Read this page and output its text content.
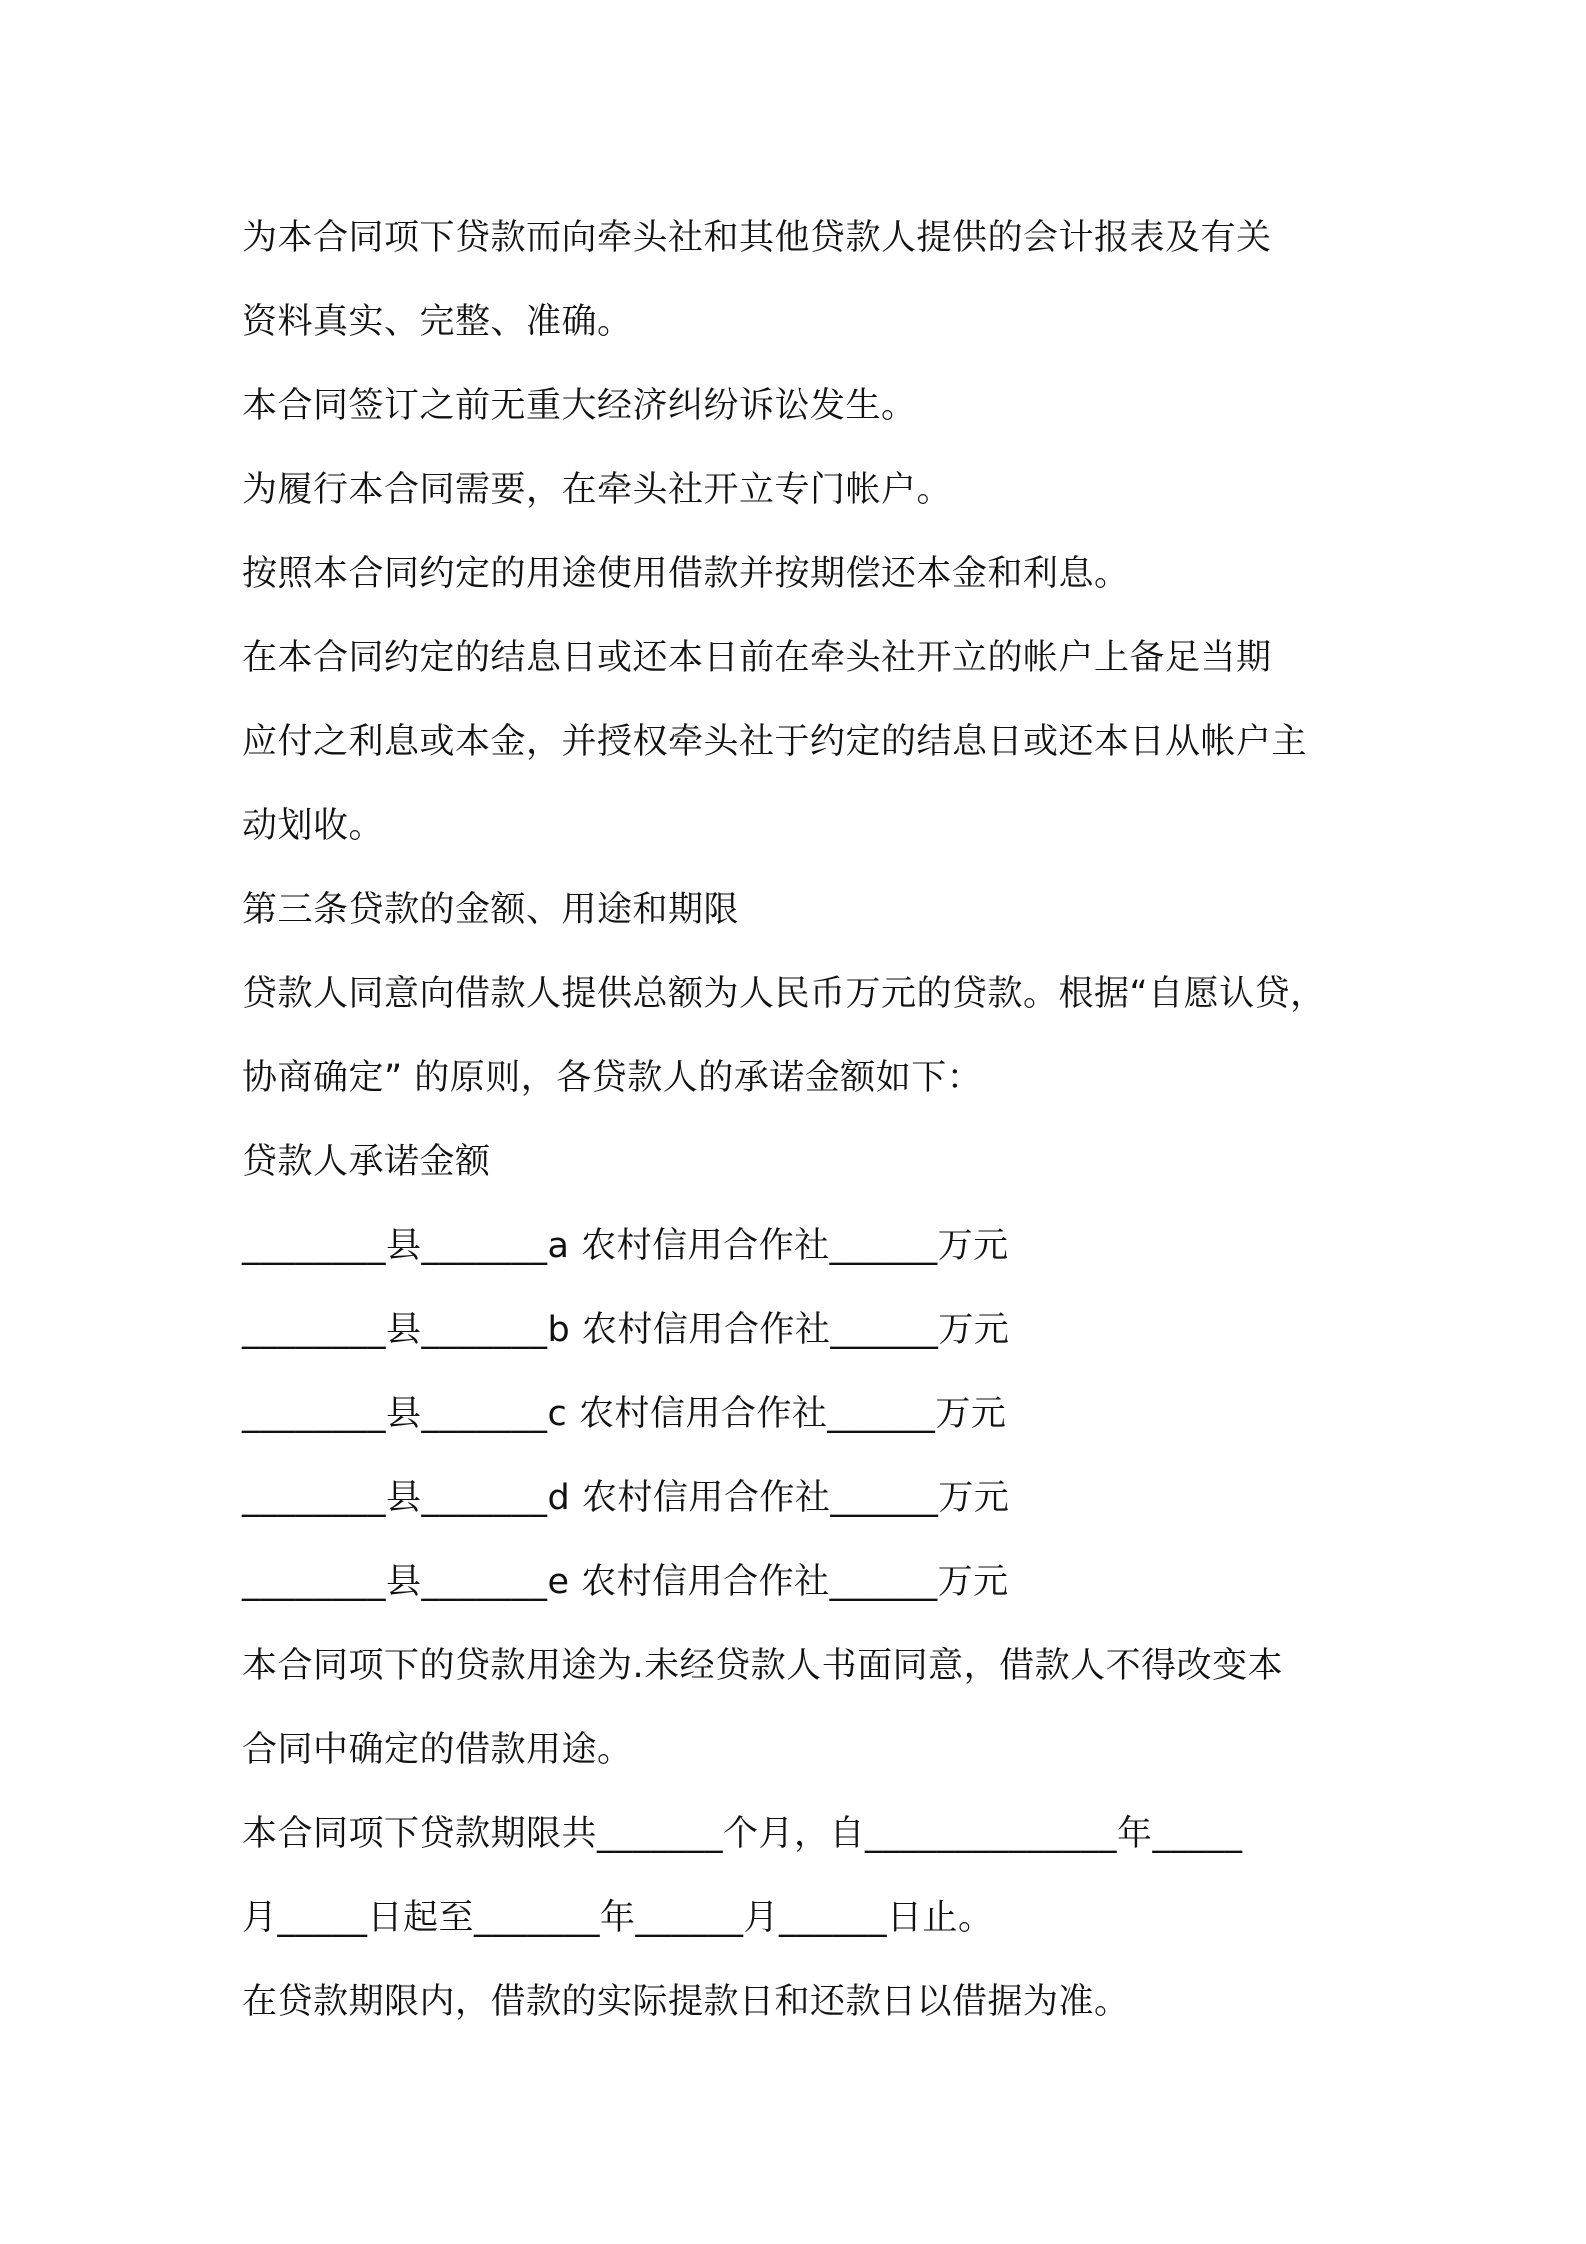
为本合同项下贷款而向牵头社和其他贷款人提供的会计报表及有关
资料真实、完整、准确。
本合同签订之前无重大经济纠纷诉讼发生。
为履行本合同需要，在牵头社开立专门帐户。
按照本合同约定的用途使用借款并按期偿还本金和利息。
在本合同约定的结息日或还本日前在牵头社开立的帐户上备足当期
应付之利息或本金，并授权牵头社于约定的结息日或还本日从帐户主
动划收。
第三条贷款的金额、用途和期限
贷款人同意向借款人提供总额为人民币万元的贷款。根据“自愿认贷，
协商确定” 的原则，各贷款人的承诺金额如下：
贷款人承诺金额
________县_______a 农村信用合作社______万元
________县_______b 农村信用合作社______万元
________县_______c 农村信用合作社______万元
________县_______d 农村信用合作社______万元
________县_______e 农村信用合作社______万元
本合同项下的贷款用途为.未经贷款人书面同意，借款人不得改变本
合同中确定的借款用途。
本合同项下贷款期限共_______个月，自______________年_____
月_____日起至_______年______月______日止。
在贷款期限内，借款的实际提款日和还款日以借据为准。
